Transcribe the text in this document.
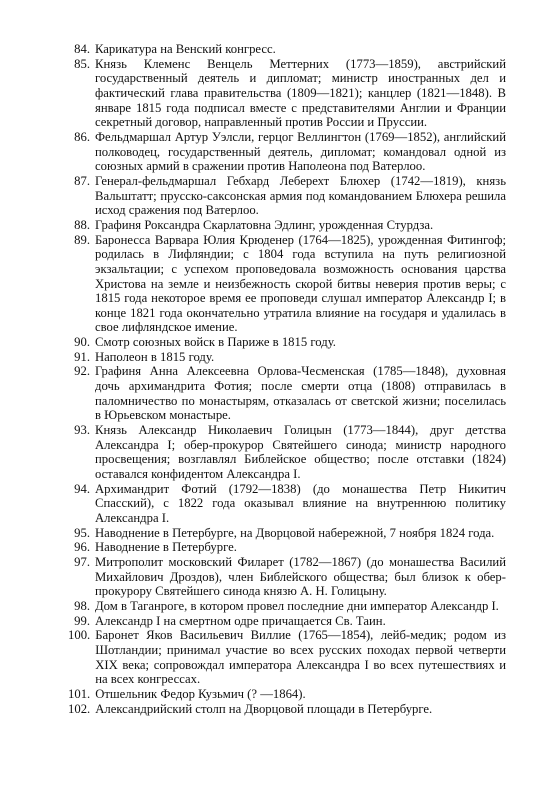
84. Карикатура на Венский конгресс.
85. Князь Клеменс Венцель Меттерних (1773—1859), австрийский государственный деятель и дипломат; министр иностранных дел и фактический глава правительства (1809—1821); канцлер (1821—1848). В январе 1815 года подписал вместе с представителями Англии и Франции секретный договор, направленный против России и Пруссии.
86. Фельдмаршал Артур Уэлсли, герцог Веллингтон (1769—1852), английский полководец, государственный деятель, дипломат; командовал одной из союзных армий в сражении против Наполеона под Ватерлоо.
87. Генерал-фельдмаршал Гебхард Леберехт Блюхер (1742—1819), князь Вальштатт; прусско-саксонская армия под командованием Блюхера решила исход сражения под Ватерлоо.
88. Графиня Роксандра Скарлатовна Эдлинг, урожденная Стурдза.
89. Баронесса Варвара Юлия Крюденер (1764—1825), урожденная Фитингоф; родилась в Лифляндии; с 1804 года вступила на путь религиозной экзальтации; с успехом проповедовала возможность основания царства Христова на земле и неизбежность скорой битвы неверия против веры; с 1815 года некоторое время ее проповеди слушал император Александр I; в конце 1821 года окончательно утратила влияние на государя и удалилась в свое лифляндское имение.
90. Смотр союзных войск в Париже в 1815 году.
91. Наполеон в 1815 году.
92. Графиня Анна Алексеевна Орлова-Чесменская (1785—1848), духовная дочь архимандрита Фотия; после смерти отца (1808) отправилась в паломничество по монастырям, отказалась от светской жизни; поселилась в Юрьевском монастыре.
93. Князь Александр Николаевич Голицын (1773—1844), друг детства Александра I; обер-прокурор Святейшего синода; министр народного просвещения; возглавлял Библейское общество; после отставки (1824) оставался конфидентом Александра I.
94. Архимандрит Фотий (1792—1838) (до монашества Петр Никитич Спасский), с 1822 года оказывал влияние на внутреннюю политику Александра I.
95. Наводнение в Петербурге, на Дворцовой набережной, 7 ноября 1824 года.
96. Наводнение в Петербурге.
97. Митрополит московский Филарет (1782—1867) (до монашества Василий Михайлович Дроздов), член Библейского общества; был близок к обер-прокурору Святейшего синода князю А. Н. Голицыну.
98. Дом в Таганроге, в котором провел последние дни император Александр I.
99. Александр I на смертном одре причащается Св. Таин.
100. Баронет Яков Васильевич Виллие (1765—1854), лейб-медик; родом из Шотландии; принимал участие во всех русских походах первой четверти XIX века; сопровождал императора Александра I во всех путешествиях и на всех конгрессах.
101. Отшельник Федор Кузьмич (? —1864).
102. Александрийский столп на Дворцовой площади в Петербурге.
